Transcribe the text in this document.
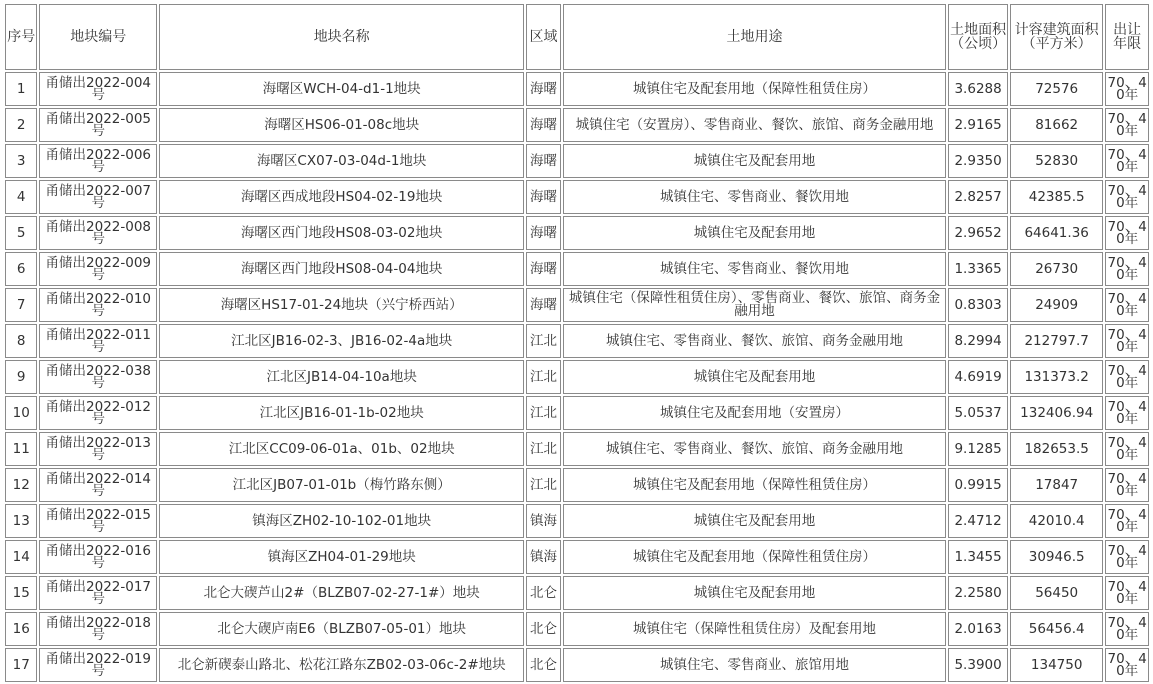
序号	地块编号	地块名称	区域	土地用途	土地面积（公顷）	计容建筑面积（平方米）	出让年限
1	甬储出2022-004号	海曙区WCH-04-d1-1地块	海曙	城镇住宅及配套用地（保障性租赁住房）	3.6288	72576	70、40年
2	甬储出2022-005号	海曙区HS06-01-08c地块	海曙	城镇住宅（安置房）、零售商业、餐饮、旅馆、商务金融用地	2.9165	81662	70、40年
3	甬储出2022-006号	海曙区CX07-03-04d-1地块	海曙	城镇住宅及配套用地	2.9350	52830	70、40年
4	甬储出2022-007号	海曙区西成地段HS04-02-19地块	海曙	城镇住宅、零售商业、餐饮用地	2.8257	42385.5	70、40年
5	甬储出2022-008号	海曙区西门地段HS08-03-02地块	海曙	城镇住宅及配套用地	2.9652	64641.36	70、40年
6	甬储出2022-009号	海曙区西门地段HS08-04-04地块	海曙	城镇住宅、零售商业、餐饮用地	1.3365	26730	70、40年
7	甬储出2022-010号	海曙区HS17-01-24地块（兴宁桥西站）	海曙	城镇住宅（保障性租赁住房）、零售商业、餐饮、旅馆、商务金融用地	0.8303	24909	70、40年
8	甬储出2022-011号	江北区JB16-02-3、JB16-02-4a地块	江北	城镇住宅、零售商业、餐饮、旅馆、商务金融用地	8.2994	212797.7	70、40年
9	甬储出2022-038号	江北区JB14-04-10a地块	江北	城镇住宅及配套用地	4.6919	131373.2	70、40年
10	甬储出2022-012号	江北区JB16-01-1b-02地块	江北	城镇住宅及配套用地（安置房）	5.0537	132406.94	70、40年
11	甬储出2022-013号	江北区CC09-06-01a、01b、02地块	江北	城镇住宅、零售商业、餐饮、旅馆、商务金融用地	9.1285	182653.5	70、40年
12	甬储出2022-014号	江北区JB07-01-01b（梅竹路东侧）	江北	城镇住宅及配套用地（保障性租赁住房）	0.9915	17847	70、40年
13	甬储出2022-015号	镇海区ZH02-10-102-01地块	镇海	城镇住宅及配套用地	2.4712	42010.4	70、40年
14	甬储出2022-016号	镇海区ZH04-01-29地块	镇海	城镇住宅及配套用地（保障性租赁住房）	1.3455	30946.5	70、40年
15	甬储出2022-017号	北仑大碶芦山2#（BLZB07-02-27-1#）地块	北仑	城镇住宅及配套用地	2.2580	56450	70、40年
16	甬储出2022-018号	北仑大碶庐南E6（BLZB07-05-01）地块	北仑	城镇住宅（保障性租赁住房）及配套用地	2.0163	56456.4	70、40年
17	甬储出2022-019号	北仑新碶泰山路北、松花江路东ZB02-03-06c-2#地块	北仑	城镇住宅、零售商业、旅馆用地	5.3900	134750	70、40年
